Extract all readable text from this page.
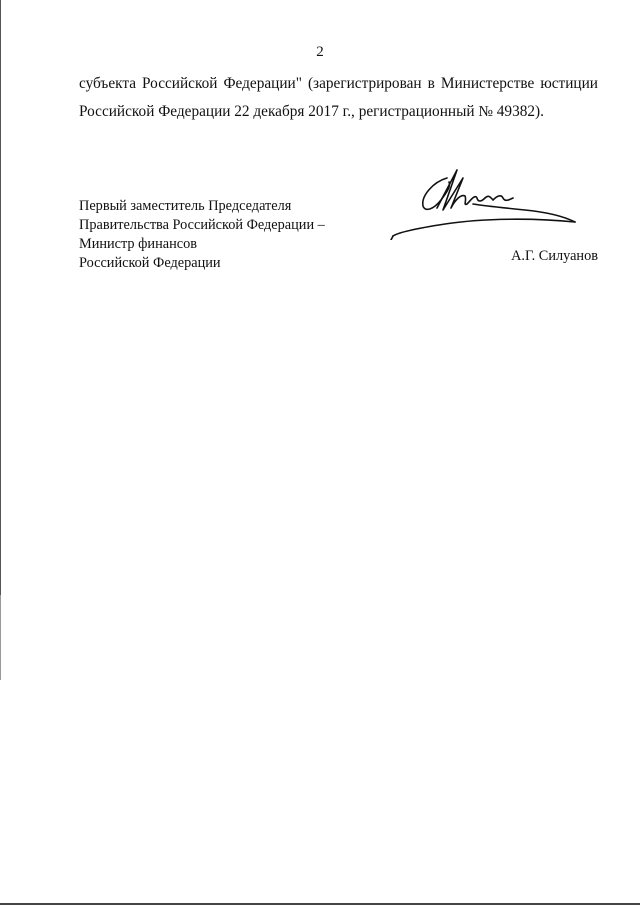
2
субъекта Российской Федерации" (зарегистрирован в Министерстве юстиции
Российской Федерации 22 декабря 2017 г., регистрационный № 49382).
Первый заместитель Председателя
Правительства Российской Федерации –
Министр финансов
Российской Федерации	А.Г. Силуанов
